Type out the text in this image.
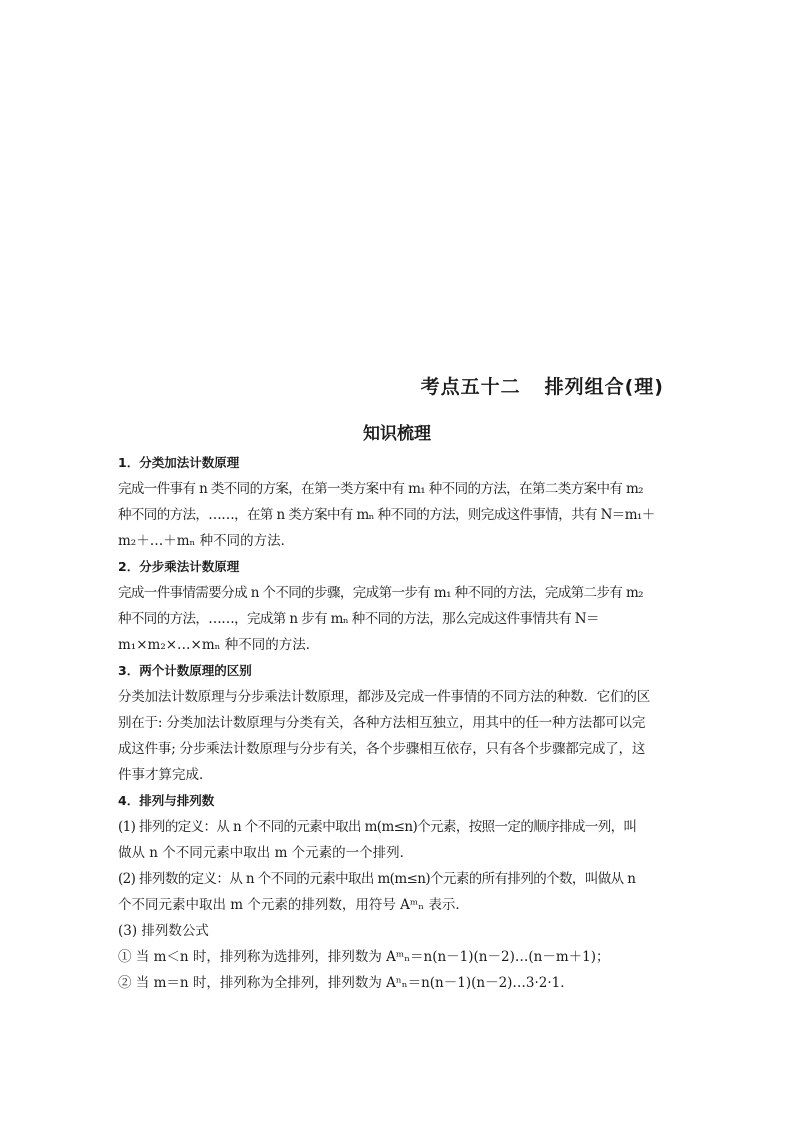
考点五十二 排列组合(理)
知识梳理

1．分类加法计数原理

完成一件事有 n 类不同的方案，在第一类方案中有 m₁ 种不同的方法，在第二类方案中有 m₂

种不同的方法，……，在第 n 类方案中有 mₙ 种不同的方法，则完成这件事情，共有 N＝m₁＋

m₂＋…＋mₙ 种不同的方法．

2．分步乘法计数原理

完成一件事情需要分成 n 个不同的步骤，完成第一步有 m₁ 种不同的方法，完成第二步有 m₂

种不同的方法，……，完成第 n 步有 mₙ 种不同的方法，那么完成这件事情共有 N＝

m₁×m₂×…×mₙ 种不同的方法．

3．两个计数原理的区别

分类加法计数原理与分步乘法计数原理，都涉及完成一件事情的不同方法的种数．它们的区

别在于: 分类加法计数原理与分类有关，各种方法相互独立，用其中的任一种方法都可以完

成这件事; 分步乘法计数原理与分步有关，各个步骤相互依存，只有各个步骤都完成了，这

件事才算完成．

4．排列与排列数

(1) 排列的定义：从 n 个不同的元素中取出 m(m≤n)个元素，按照一定的顺序排成一列，叫

做从 n 个不同元素中取出 m 个元素的一个排列．

(2) 排列数的定义：从 n 个不同的元素中取出 m(m≤n)个元素的所有排列的个数，叫做从 n

个不同元素中取出 m 个元素的排列数，用符号 Aᵐₙ 表示．

(3) 排列数公式

① 当 m＜n 时，排列称为选排列，排列数为 Aᵐₙ＝n(n－1)(n－2)…(n－m＋1)；

② 当 m＝n 时，排列称为全排列，排列数为 Aⁿₙ＝n(n－1)(n－2)…3·2·1．
